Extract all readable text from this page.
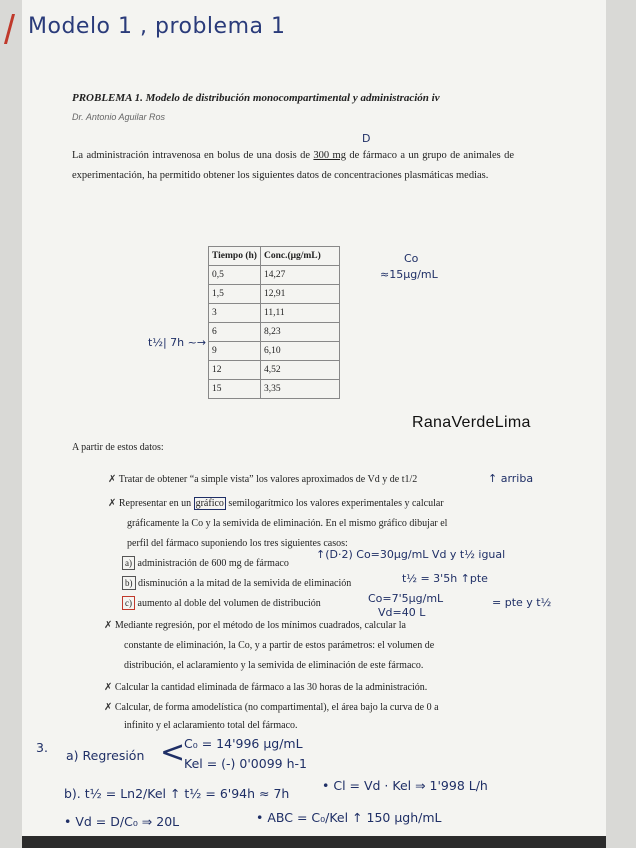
Modelo 1 , problema 1
PROBLEMA 1. Modelo de distribución monocompartimental y administración iv
Dr. Antonio Aguilar Ros
D
La administración intravenosa en bolus de una dosis de 300 mg de fármaco a un grupo de animales de experimentación, ha permitido obtener los siguientes datos de concentraciones plasmáticas medias.
Tiempo (h)	Conc.(μg/mL)
0,5	14,27
1,5	12,91
3	11,11
6	8,23
9	6,10
12	4,52
15	3,35
Co
≈15μg/mL
t½| 7h ~→
RanaVerdeLima
A partir de estos datos:
✗ Tratar de obtener “a simple vista” los valores aproximados de Vd y de t1/2	↑ arriba
✗ Representar en un gráfico semilogarítmico los valores experimentales y calcular
gráficamente la Co y la semivida de eliminación. En el mismo gráfico dibujar el
perfil del fármaco suponiendo los tres siguientes casos:
a) administración de 600 mg de fármaco
↑(D·2) Co=30μg/mL Vd y t½ igual
b) disminución a la mitad de la semivida de eliminación	t½ = 3'5h ↑pte
c) aumento al doble del volumen de distribución	Co=7'5μg/mL
Vd=40 L
= pte y t½
✗ Mediante regresión, por el método de los mínimos cuadrados, calcular la
constante de eliminación, la Co, y a partir de estos parámetros: el volumen de
distribución, el aclaramiento y la semivida de eliminación de este fármaco.
✗ Calcular la cantidad eliminada de fármaco a las 30 horas de la administración.
✗ Calcular, de forma amodelística (no compartimental), el área bajo la curva de 0 a
infinito y el aclaramiento total del fármaco.
3.
a) Regresión <
C₀ = 14'996 μg/mL
Kel = (-) 0'0099 h-1
b). t½ = Ln2/Kel ↑ t½ = 6'94h ≈ 7h
• Cl = Vd · Kel ⇒ 1'998 L/h
• Vd = D/C₀ ⇒ 20L	• ABC = C₀/Kel ↑ 150 μgh/mL
